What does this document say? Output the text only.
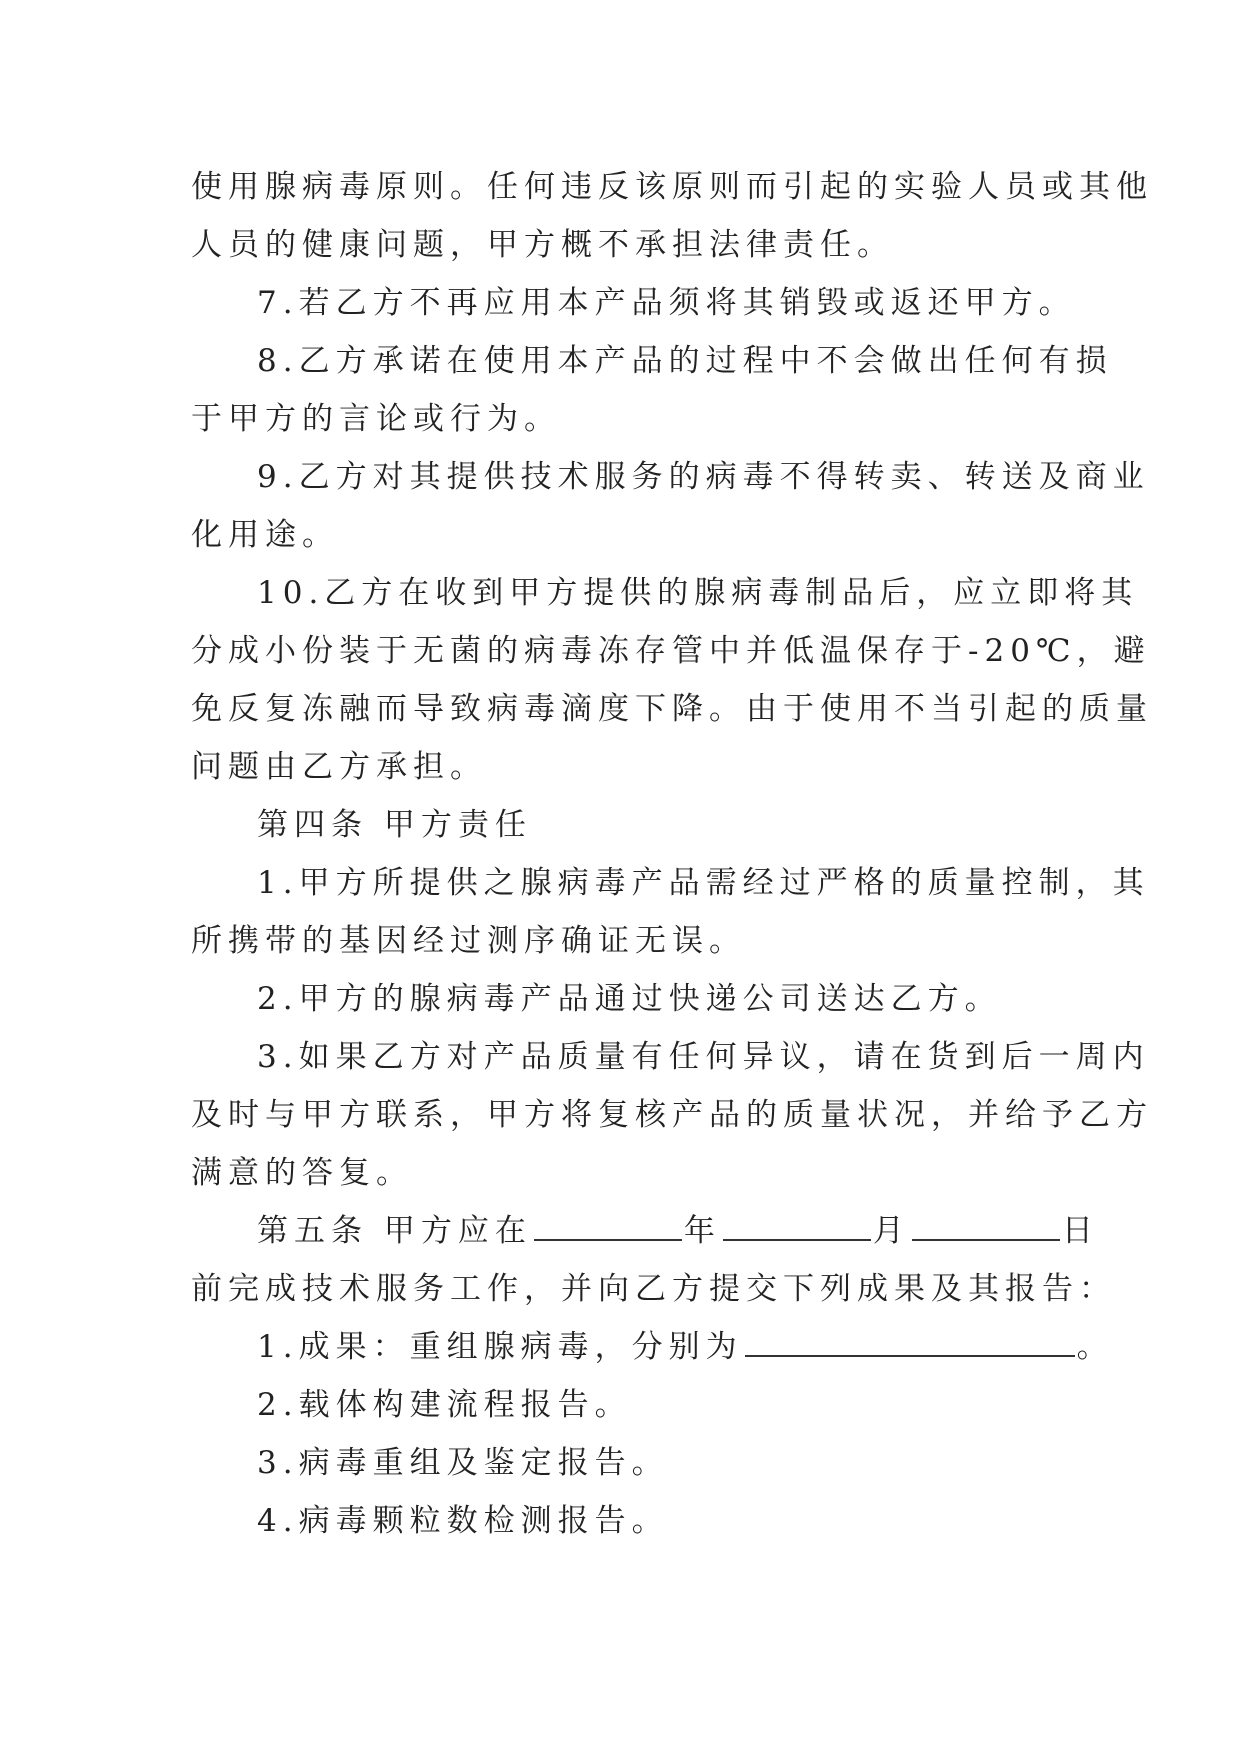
使用腺病毒原则。任何违反该原则而引起的实验人员或其他
人员的健康问题，甲方概不承担法律责任。
7.若乙方不再应用本产品须将其销毁或返还甲方。
8.乙方承诺在使用本产品的过程中不会做出任何有损
于甲方的言论或行为。
9.乙方对其提供技术服务的病毒不得转卖、转送及商业
化用途。
10.乙方在收到甲方提供的腺病毒制品后，应立即将其
分成小份装于无菌的病毒冻存管中并低温保存于-20℃，避
免反复冻融而导致病毒滴度下降。由于使用不当引起的质量
问题由乙方承担。
第四条 甲方责任
1.甲方所提供之腺病毒产品需经过严格的质量控制，其
所携带的基因经过测序确证无误。
2.甲方的腺病毒产品通过快递公司送达乙方。
3.如果乙方对产品质量有任何异议，请在货到后一周内
及时与甲方联系，甲方将复核产品的质量状况，并给予乙方
满意的答复。
第五条 甲方应在	年	月	日
前完成技术服务工作，并向乙方提交下列成果及其报告：
1.成果：重组腺病毒，分别为	。
2.载体构建流程报告。
3.病毒重组及鉴定报告。
4.病毒颗粒数检测报告。
